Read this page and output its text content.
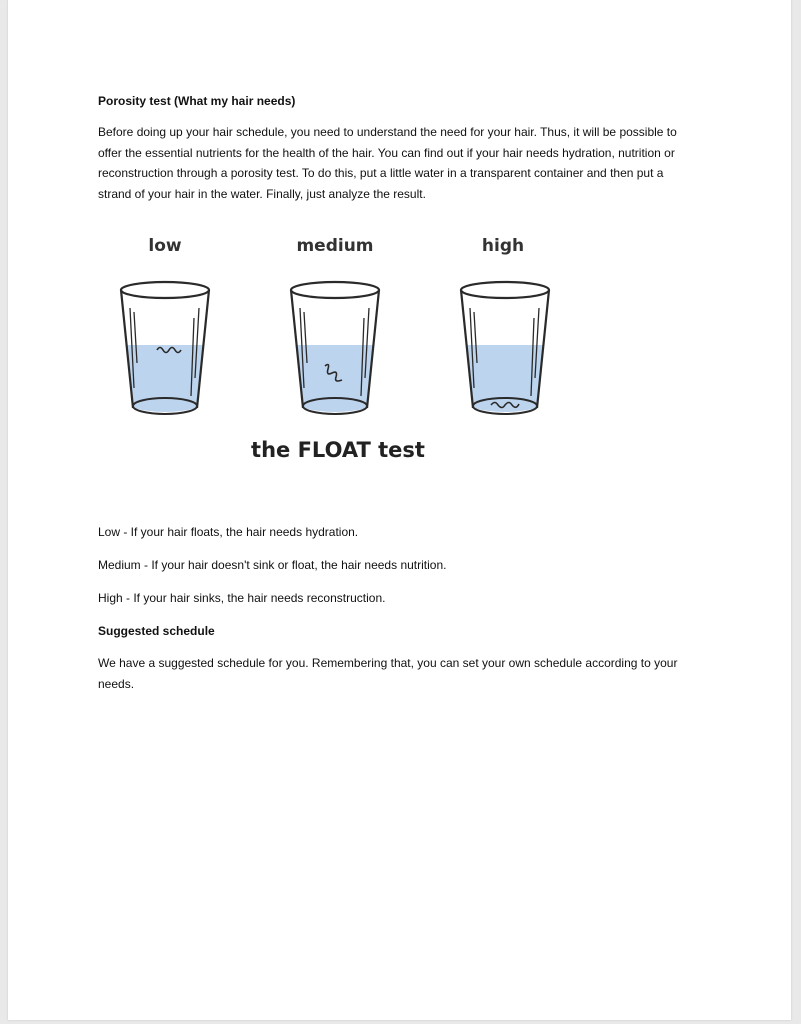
Porosity test (What my hair needs)
Before doing up your hair schedule, you need to understand the need for your hair. Thus, it will be possible to offer the essential nutrients for the health of the hair. You can find out if your hair needs hydration, nutrition or reconstruction through a porosity test. To do this, put a little water in a transparent container and then put a strand of your hair in the water. Finally, just analyze the result.
Low - If your hair floats, the hair needs hydration.
Medium - If your hair doesn't sink or float, the hair needs nutrition.
High - If your hair sinks, the hair needs reconstruction.
Suggested schedule
We have a suggested schedule for you. Remembering that, you can set your own schedule according to your needs.
low	medium	high
the FLOAT test
